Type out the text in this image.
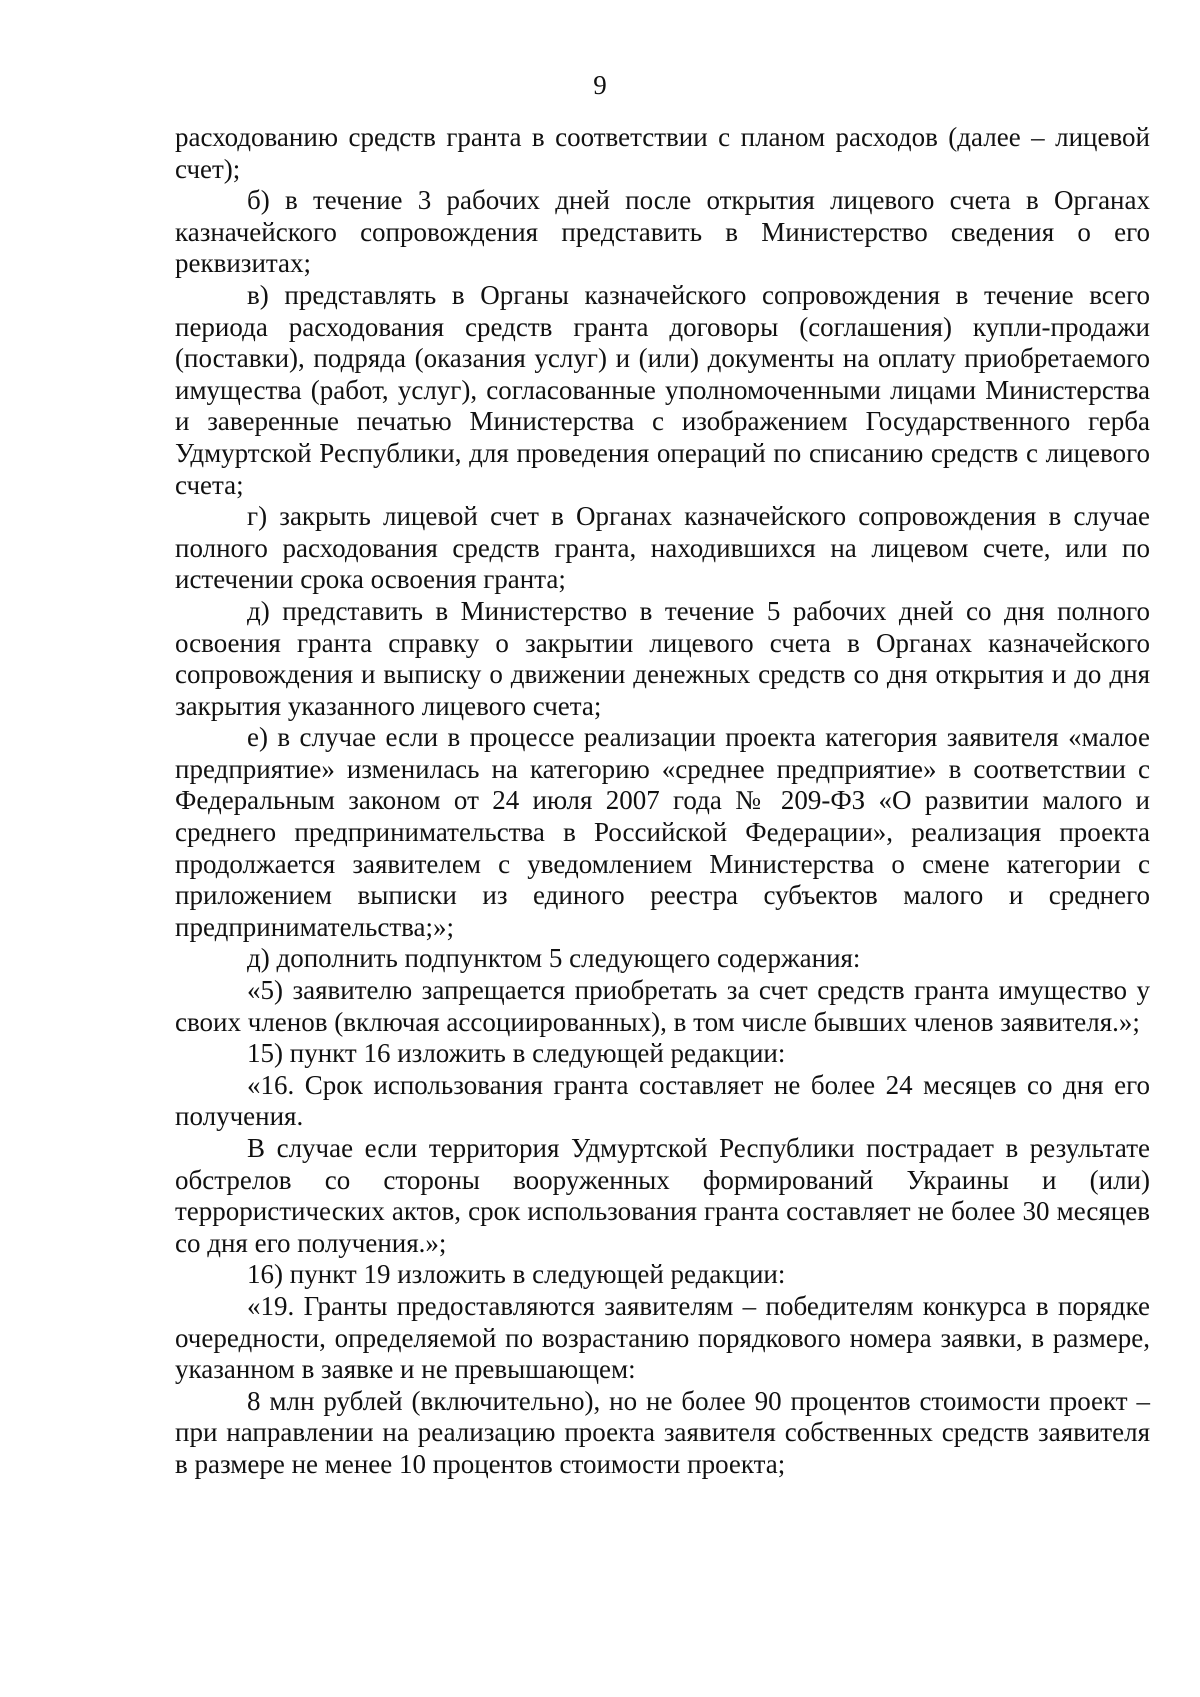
9

расходованию средств гранта в соответствии с планом расходов (далее – лицевой счет);

б) в течение 3 рабочих дней после открытия лицевого счета в Органах казначейского сопровождения представить в Министерство сведения о его реквизитах;

в) представлять в Органы казначейского сопровождения в течение всего периода расходования средств гранта договоры (соглашения) купли-продажи (поставки), подряда (оказания услуг) и (или) документы на оплату приобретаемого имущества (работ, услуг), согласованные уполномоченными лицами Министерства и заверенные печатью Министерства с изображением Государственного герба Удмуртской Республики, для проведения операций по списанию средств с лицевого счета;

г) закрыть лицевой счет в Органах казначейского сопровождения в случае полного расходования средств гранта, находившихся на лицевом счете, или по истечении срока освоения гранта;

д) представить в Министерство в течение 5 рабочих дней со дня полного освоения гранта справку о закрытии лицевого счета в Органах казначейского сопровождения и выписку о движении денежных средств со дня открытия и до дня закрытия указанного лицевого счета;

е) в случае если в процессе реализации проекта категория заявителя «малое предприятие» изменилась на категорию «среднее предприятие» в соответствии с Федеральным законом от 24 июля 2007 года № 209-ФЗ «О развитии малого и среднего предпринимательства в Российской Федерации», реализация проекта продолжается заявителем с уведомлением Министерства о смене категории с приложением выписки из единого реестра субъектов малого и среднего предпринимательства;»;

д) дополнить подпунктом 5 следующего содержания:

«5) заявителю запрещается приобретать за счет средств гранта имущество у своих членов (включая ассоциированных), в том числе бывших членов заявителя.»;

15) пункт 16 изложить в следующей редакции:

«16. Срок использования гранта составляет не более 24 месяцев со дня его получения.

В случае если территория Удмуртской Республики пострадает в результате обстрелов со стороны вооруженных формирований Украины и (или) террористических актов, срок использования гранта составляет не более 30 месяцев со дня его получения.»;

16) пункт 19 изложить в следующей редакции:

«19. Гранты предоставляются заявителям – победителям конкурса в порядке очередности, определяемой по возрастанию порядкового номера заявки, в размере, указанном в заявке и не превышающем:

8 млн рублей (включительно), но не более 90 процентов стоимости проект – при направлении на реализацию проекта заявителя собственных средств заявителя в размере не менее 10 процентов стоимости проекта;
